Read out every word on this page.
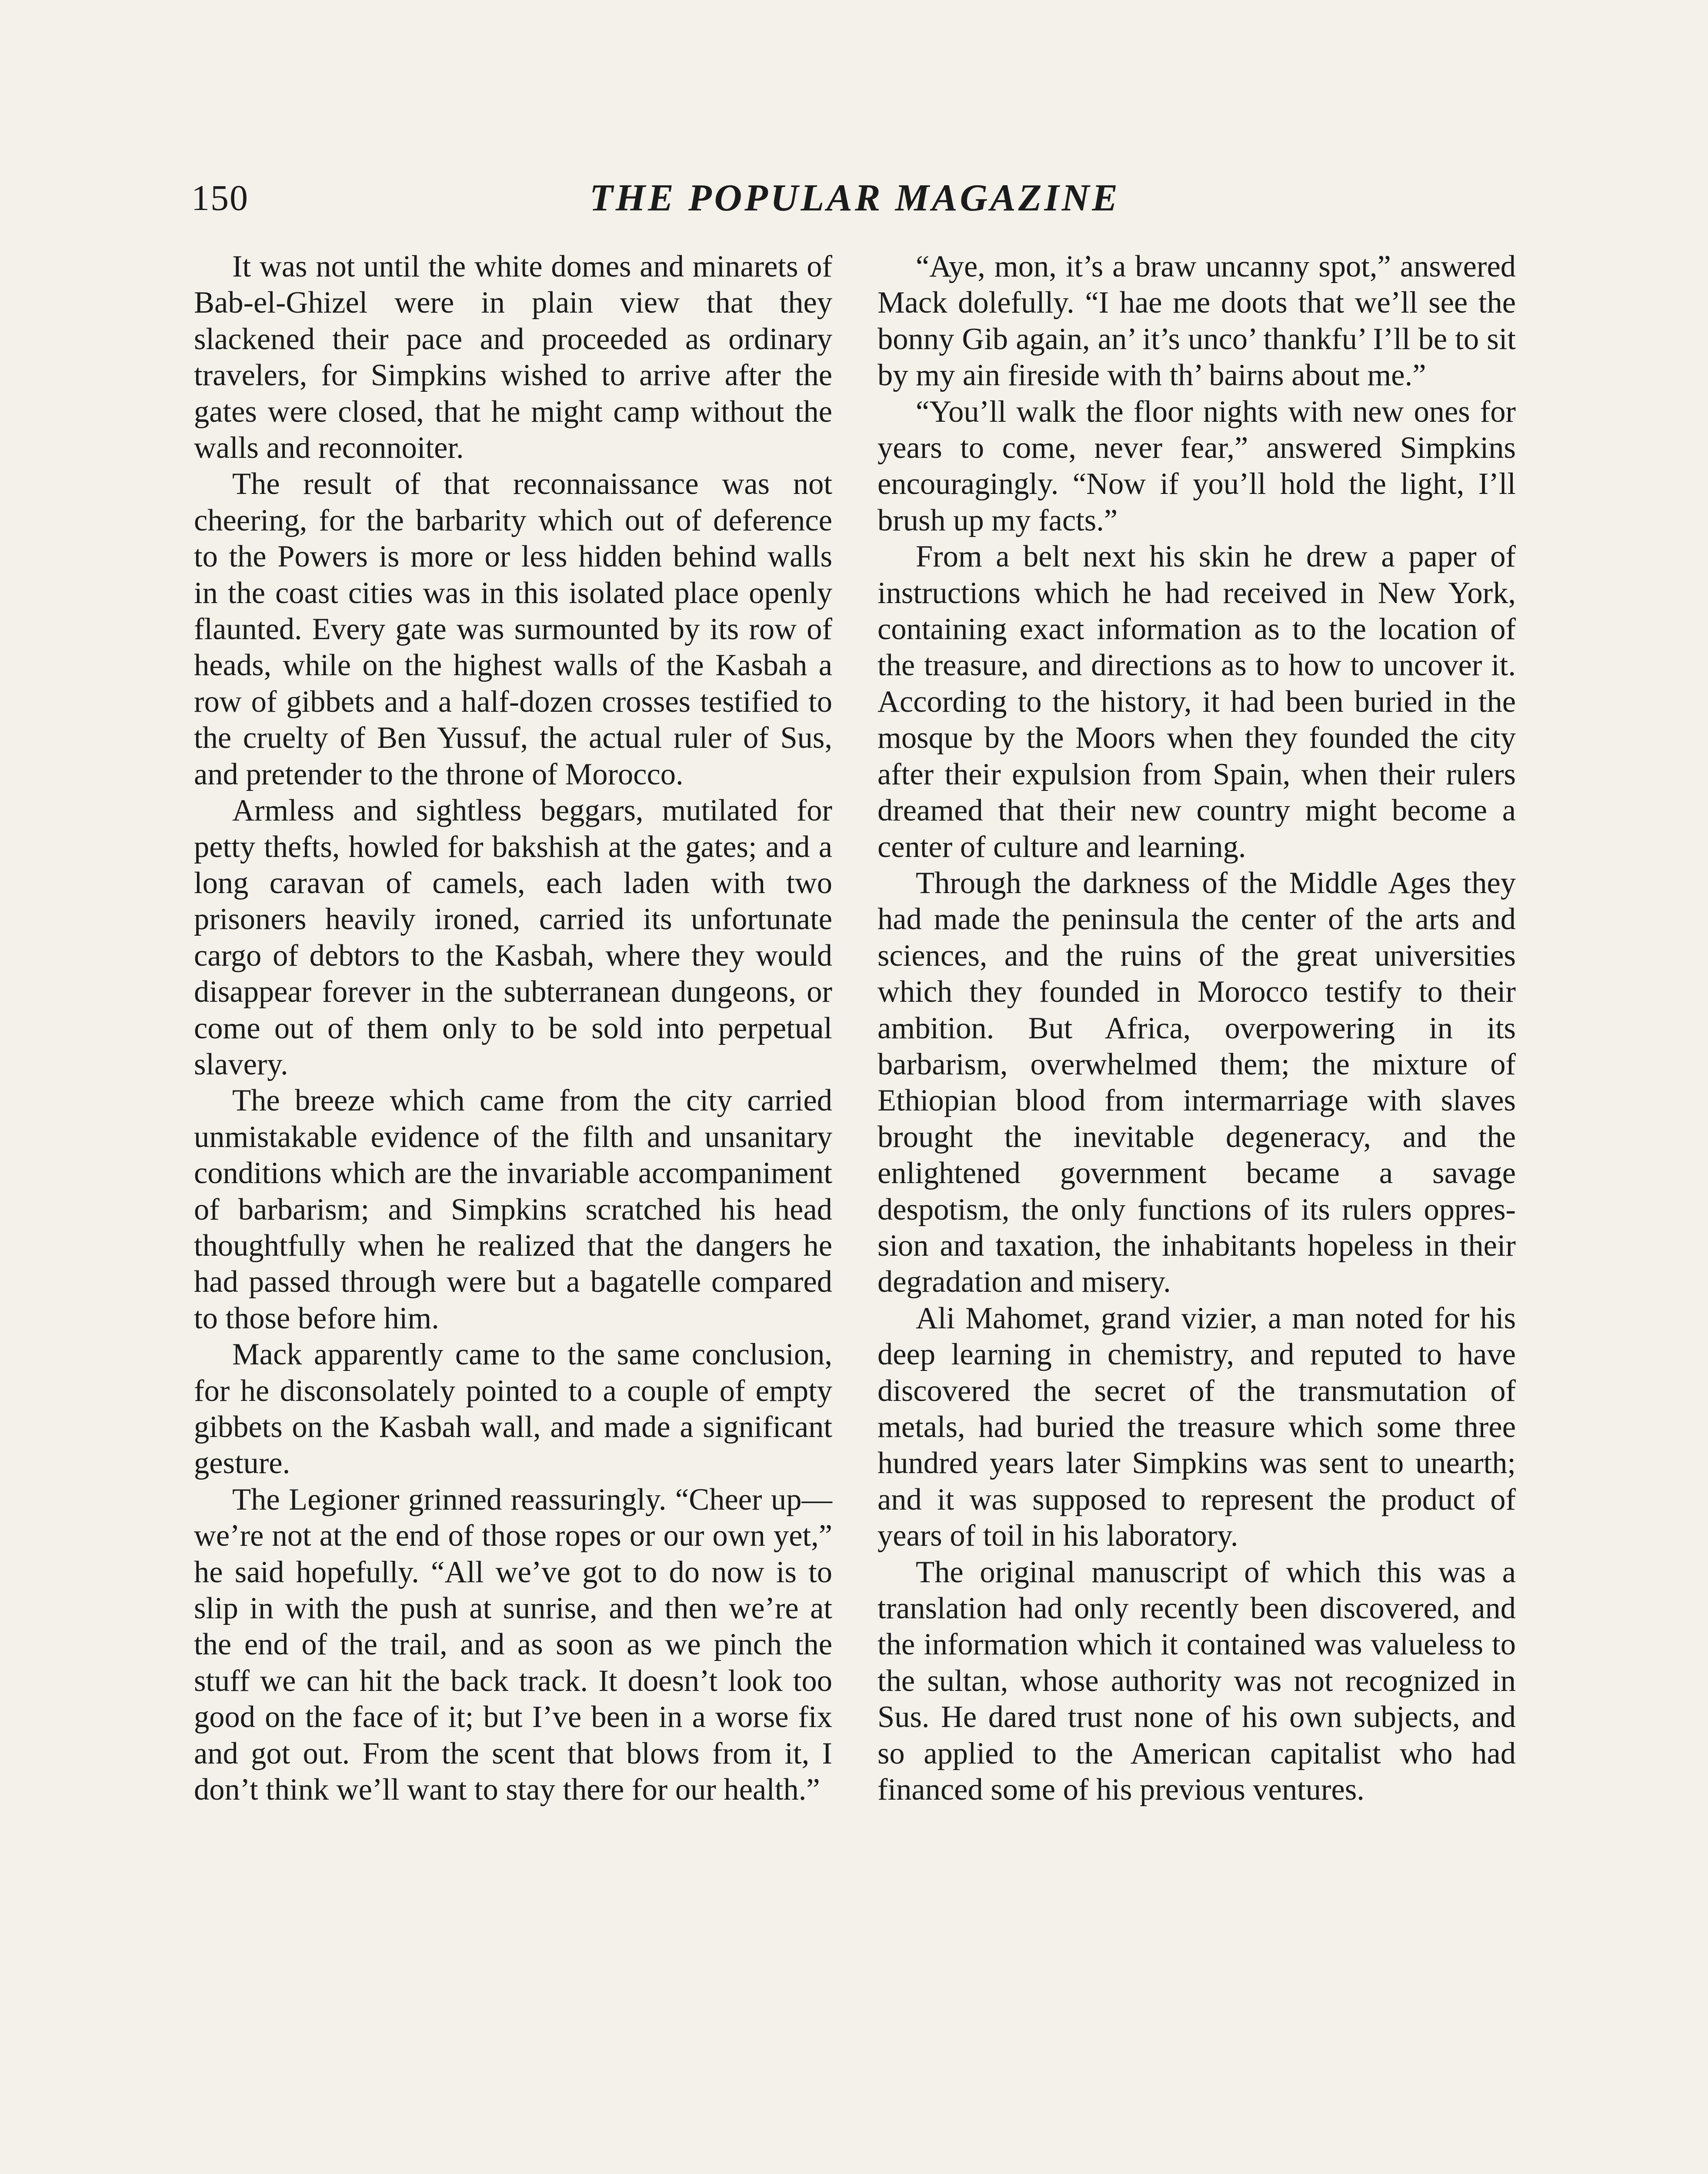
150	THE POPULAR MAGAZINE

It was not until the white domes and minarets of Bab-el-Ghizel were in plain view that they slackened their pace and proceeded as ordinary travelers, for Simpkins wished to arrive after the gates were closed, that he might camp without the walls and reconnoiter.

The result of that reconnaissance was not cheering, for the barbarity which out of deference to the Powers is more or less hidden behind walls in the coast cities was in this isolated place openly flaunted. Every gate was surmounted by its row of heads, while on the highest walls of the Kasbah a row of gibbets and a half-dozen crosses testified to the cruelty of Ben Yussuf, the actual ruler of Sus, and pretender to the throne of Morocco.

Armless and sightless beggars, mutilated for petty thefts, howled for bakshish at the gates; and a long caravan of camels, each laden with two prisoners heavily ironed, carried its unfortunate cargo of debtors to the Kasbah, where they would disappear forever in the subterranean dungeons, or come out of them only to be sold into perpetual slavery.

The breeze which came from the city carried unmistakable evidence of the filth and unsanitary conditions which are the invariable accompaniment of barbarism; and Simpkins scratched his head thoughtfully when he realized that the dangers he had passed through were but a bagatelle compared to those before him.

Mack apparently came to the same conclusion, for he disconsolately pointed to a couple of empty gibbets on the Kasbah wall, and made a significant gesture.

The Legioner grinned reassuringly. “Cheer up—we’re not at the end of those ropes or our own yet,” he said hopefully. “All we’ve got to do now is to slip in with the push at sunrise, and then we’re at the end of the trail, and as soon as we pinch the stuff we can hit the back track. It doesn’t look too good on the face of it; but I’ve been in a worse fix and got out. From the scent that blows from it, I don’t think we’ll want to stay there for our health.”

“Aye, mon, it’s a braw uncanny spot,” answered Mack dolefully. “I hae me doots that we’ll see the bonny Gib again, an’ it’s unco’ thankfu’ I’ll be to sit by my ain fireside with th’ bairns about me.”

“You’ll walk the floor nights with new ones for years to come, never fear,” answered Simpkins encouragingly. “Now if you’ll hold the light, I’ll brush up my facts.”

From a belt next his skin he drew a paper of instructions which he had received in New York, containing exact information as to the location of the treasure, and directions as to how to uncover it. According to the history, it had been buried in the mosque by the Moors when they founded the city after their expulsion from Spain, when their rulers dreamed that their new country might become a center of culture and learning.

Through the darkness of the Middle Ages they had made the peninsula the center of the arts and sciences, and the ruins of the great universities which they founded in Morocco testify to their ambition. But Africa, overpowering in its barbarism, overwhelmed them; the mixture of Ethiopian blood from intermarriage with slaves brought the inevitable degeneracy, and the enlightened government became a savage despotism, the only functions of its rulers oppression and taxation, the inhabitants hopeless in their degradation and misery.

Ali Mahomet, grand vizier, a man noted for his deep learning in chemistry, and reputed to have discovered the secret of the transmutation of metals, had buried the treasure which some three hundred years later Simpkins was sent to unearth; and it was supposed to represent the product of years of toil in his laboratory.

The original manuscript of which this was a translation had only recently been discovered, and the information which it contained was valueless to the sultan, whose authority was not recognized in Sus. He dared trust none of his own subjects, and so applied to the American capitalist who had financed some of his previous ventures.
